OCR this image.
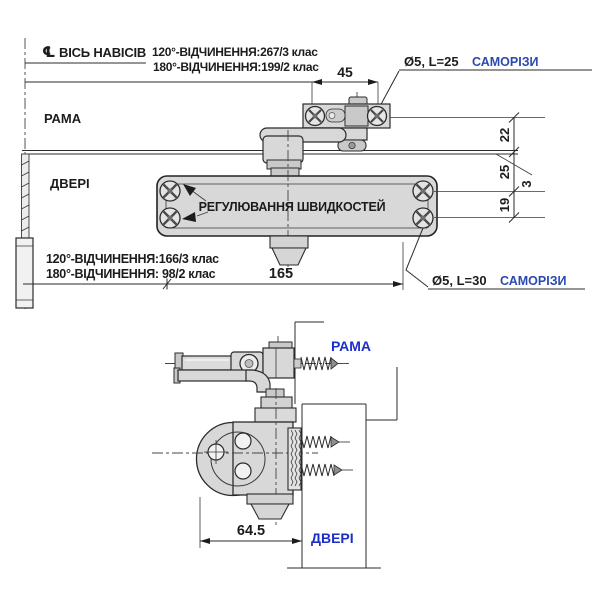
℄ ВІСЬ НАВІСІВ 120°-ВІДЧИНЕННЯ:267/3 клас
180°-ВІДЧИНЕННЯ:199/2 клас 45
Ø5, L=25 САМОРІЗИ
РАМА
ДВЕРІ
РЕГУЛЮВАННЯ ШВИДКОСТЕЙ
22
25
19
3
120°-ВІДЧИНЕННЯ:166/3 клас
180°-ВІДЧИНЕННЯ: 98/2 клас	165	Ø5, L=30 САМОРІЗИ
РАМА
ДВЕРІ
64.5
